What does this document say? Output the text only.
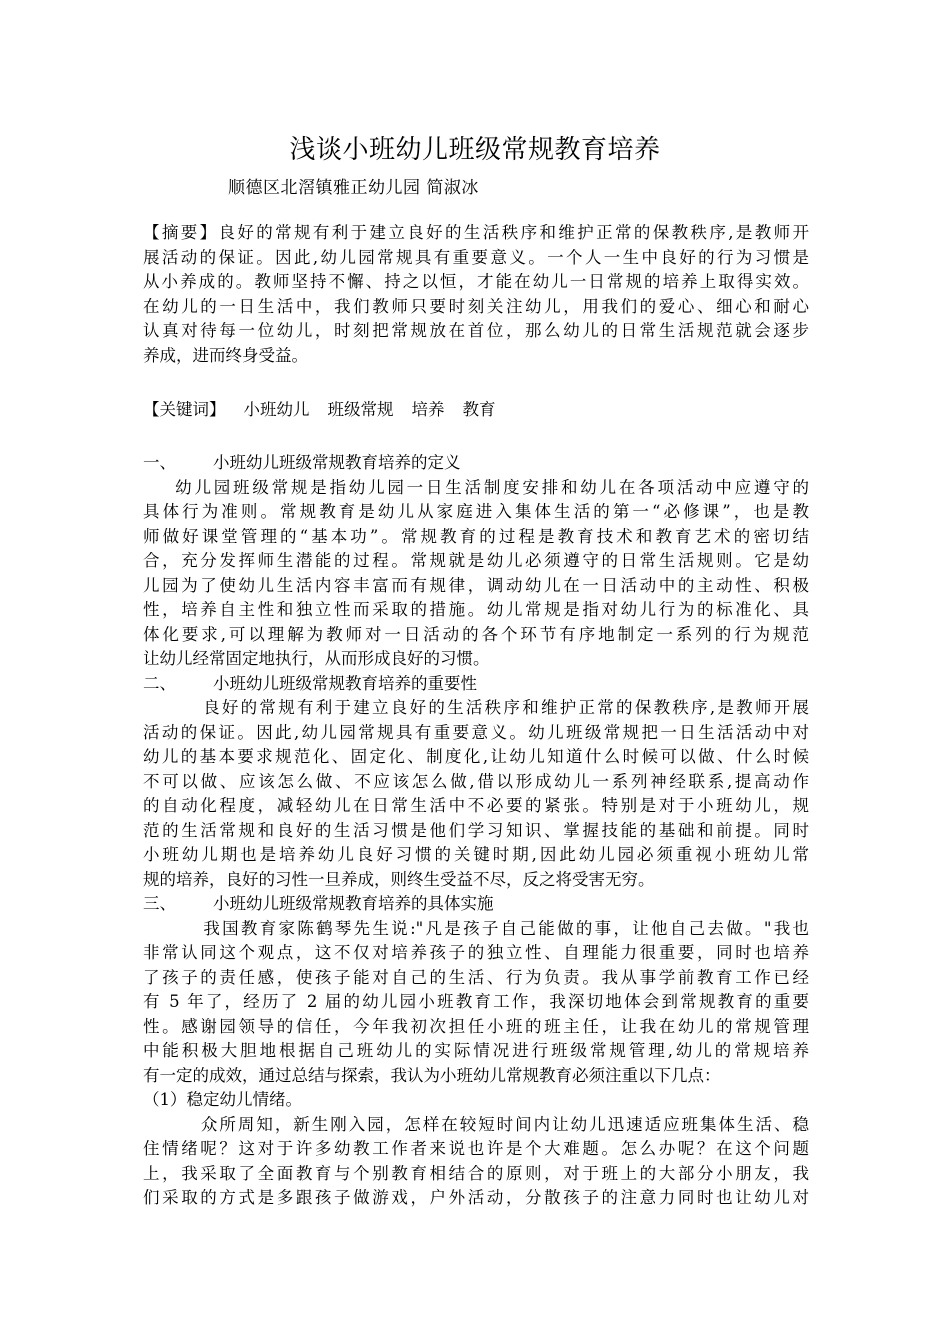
浅谈小班幼儿班级常规教育培养
顺德区北滘镇雅正幼儿园 简淑冰
【摘要】良好的常规有利于建立良好的生活秩序和维护正常的保教秩序,是教师开
展活动的保证。因此,幼儿园常规具有重要意义。一个人一生中良好的行为习惯是
从小养成的。教师坚持不懈、持之以恒，才能在幼儿一日常规的培养上取得实效。
在幼儿的一日生活中，我们教师只要时刻关注幼儿，用我们的爱心、细心和耐心
认真对待每一位幼儿，时刻把常规放在首位，那么幼儿的日常生活规范就会逐步
养成，进而终身受益。
【关键词】 小班幼儿 班级常规 培养 教育
一、 小班幼儿班级常规教育培养的定义
幼儿园班级常规是指幼儿园一日生活制度安排和幼儿在各项活动中应遵守的
具体行为准则。常规教育是幼儿从家庭进入集体生活的第一“必修课”，也是教
师做好课堂管理的“基本功”。常规教育的过程是教育技术和教育艺术的密切结
合，充分发挥师生潜能的过程。常规就是幼儿必须遵守的日常生活规则。它是幼
儿园为了使幼儿生活内容丰富而有规律，调动幼儿在一日活动中的主动性、积极
性，培养自主性和独立性而采取的措施。幼儿常规是指对幼儿行为的标准化、具
体化要求,可以理解为教师对一日活动的各个环节有序地制定一系列的行为规范
让幼儿经常固定地执行，从而形成良好的习惯。
二、 小班幼儿班级常规教育培养的重要性
良好的常规有利于建立良好的生活秩序和维护正常的保教秩序,是教师开展
活动的保证。因此,幼儿园常规具有重要意义。幼儿班级常规把一日生活活动中对
幼儿的基本要求规范化、固定化、制度化,让幼儿知道什么时候可以做、什么时候
不可以做、应该怎么做、不应该怎么做,借以形成幼儿一系列神经联系,提高动作
的自动化程度，减轻幼儿在日常生活中不必要的紧张。特别是对于小班幼儿，规
范的生活常规和良好的生活习惯是他们学习知识、掌握技能的基础和前提。同时
小班幼儿期也是培养幼儿良好习惯的关键时期,因此幼儿园必须重视小班幼儿常
规的培养，良好的习性一旦养成，则终生受益不尽，反之将受害无穷。
三、 小班幼儿班级常规教育培养的具体实施
我国教育家陈鹤琴先生说:"凡是孩子自己能做的事，让他自己去做。"我也
非常认同这个观点，这不仅对培养孩子的独立性、自理能力很重要，同时也培养
了孩子的责任感，使孩子能对自己的生活、行为负责。我从事学前教育工作已经
有 5 年了，经历了 2 届的幼儿园小班教育工作，我深切地体会到常规教育的重要
性。感谢园领导的信任，今年我初次担任小班的班主任，让我在幼儿的常规管理
中能积极大胆地根据自己班幼儿的实际情况进行班级常规管理,幼儿的常规培养
有一定的成效，通过总结与探索，我认为小班幼儿常规教育必须注重以下几点：
（1）稳定幼儿情绪。
众所周知，新生刚入园，怎样在较短时间内让幼儿迅速适应班集体生活、稳
住情绪呢？这对于许多幼教工作者来说也许是个大难题。怎么办呢？在这个问题
上，我采取了全面教育与个别教育相结合的原则，对于班上的大部分小朋友，我
们采取的方式是多跟孩子做游戏，户外活动，分散孩子的注意力同时也让幼儿对
